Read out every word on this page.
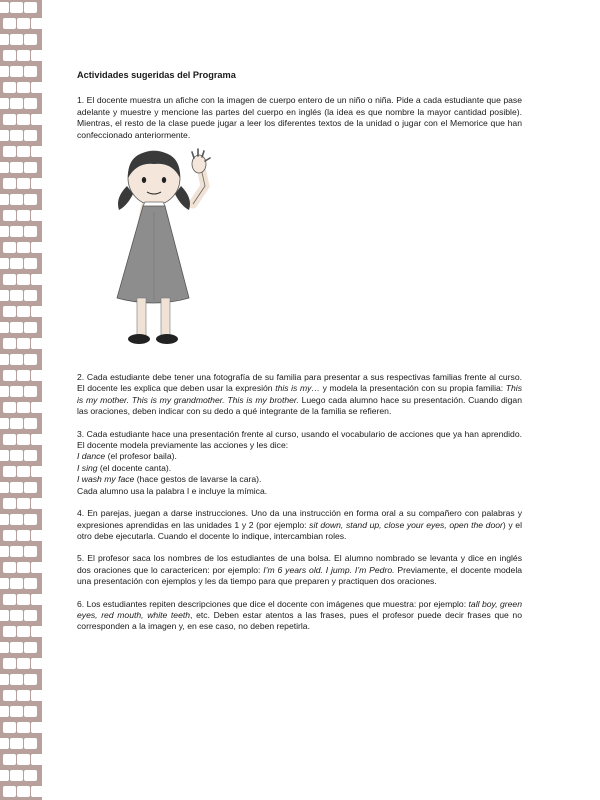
Actividades sugeridas del Programa

1. El docente muestra un afiche con la imagen de cuerpo entero de un niño o niña. Pide a cada estudiante que pase adelante y muestre y mencione las partes del cuerpo en inglés (la idea es que nombre la mayor cantidad posible). Mientras, el resto de la clase puede jugar a leer los diferentes textos de la unidad o jugar con el Memorice que han confeccionado anteriormente.

2. Cada estudiante debe tener una fotografía de su familia para presentar a sus respectivas familias frente al curso. El docente les explica que deben usar la expresión this is my… y modela la presentación con su propia familia: This is my mother. This is my grandmother. This is my brother. Luego cada alumno hace su presentación. Cuando digan las oraciones, deben indicar con su dedo a qué integrante de la familia se refieren.

3. Cada estudiante hace una presentación frente al curso, usando el vocabulario de acciones que ya han aprendido. El docente modela previamente las acciones y les dice:
I dance (el profesor baila).
I sing (el docente canta).
I wash my face (hace gestos de lavarse la cara).
Cada alumno usa la palabra I e incluye la mímica.

4. En parejas, juegan a darse instrucciones. Uno da una instrucción en forma oral a su compañero con palabras y expresiones aprendidas en las unidades 1 y 2 (por ejemplo: sit down, stand up, close your eyes, open the door) y el otro debe ejecutarla. Cuando el docente lo indique, intercambian roles.

5. El profesor saca los nombres de los estudiantes de una bolsa. El alumno nombrado se levanta y dice en inglés dos oraciones que lo caractericen: por ejemplo: I’m 6 years old. I jump. I’m Pedro. Previamente, el docente modela una presentación con ejemplos y les da tiempo para que preparen y practiquen dos oraciones.

6. Los estudiantes repiten descripciones que dice el docente con imágenes que muestra: por ejemplo: tall boy, green eyes, red mouth, white teeth, etc. Deben estar atentos a las frases, pues el profesor puede decir frases que no corresponden a la imagen y, en ese caso, no deben repetirla.
